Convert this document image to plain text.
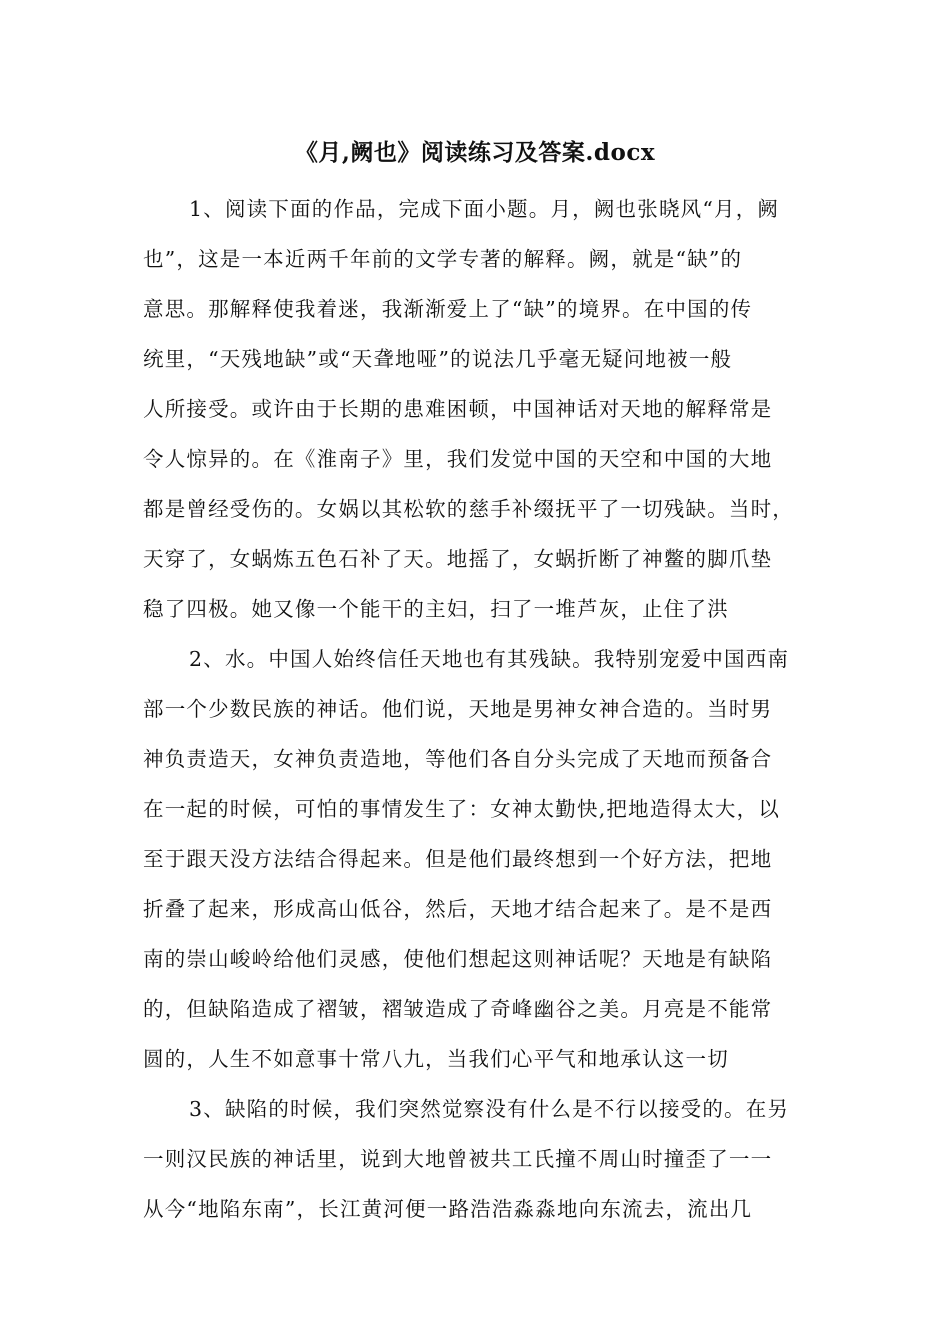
《月,阙也》阅读练习及答案.docx
1、阅读下面的作品，完成下面小题。月，阙也张晓风“月，阙
也”，这是一本近两千年前的文学专著的解释。阙，就是“缺”的
意思。那解释使我着迷，我渐渐爱上了“缺”的境界。在中国的传
统里，“天残地缺”或“天聋地哑”的说法几乎毫无疑问地被一般
人所接受。或许由于长期的患难困顿，中国神话对天地的解释常是
令人惊异的。在《淮南子》里，我们发觉中国的天空和中国的大地
都是曾经受伤的。女娲以其松软的慈手补缀抚平了一切残缺。当时，
天穿了，女蜗炼五色石补了天。地摇了，女蜗折断了神鳖的脚爪垫
稳了四极。她又像一个能干的主妇，扫了一堆芦灰，止住了洪
2、水。中国人始终信任天地也有其残缺。我特别宠爱中国西南
部一个少数民族的神话。他们说，天地是男神女神合造的。当时男
神负责造天，女神负责造地，等他们各自分头完成了天地而预备合
在一起的时候，可怕的事情发生了：女神太勤快,把地造得太大，以
至于跟天没方法结合得起来。但是他们最终想到一个好方法，把地
折叠了起来，形成高山低谷，然后，天地才结合起来了。是不是西
南的崇山峻岭给他们灵感，使他们想起这则神话呢？天地是有缺陷
的，但缺陷造成了褶皱，褶皱造成了奇峰幽谷之美。月亮是不能常
圆的，人生不如意事十常八九，当我们心平气和地承认这一切
3、缺陷的时候，我们突然觉察没有什么是不行以接受的。在另
一则汉民族的神话里，说到大地曾被共工氏撞不周山时撞歪了一一
从今“地陷东南”，长江黄河便一路浩浩淼淼地向东流去，流出几
